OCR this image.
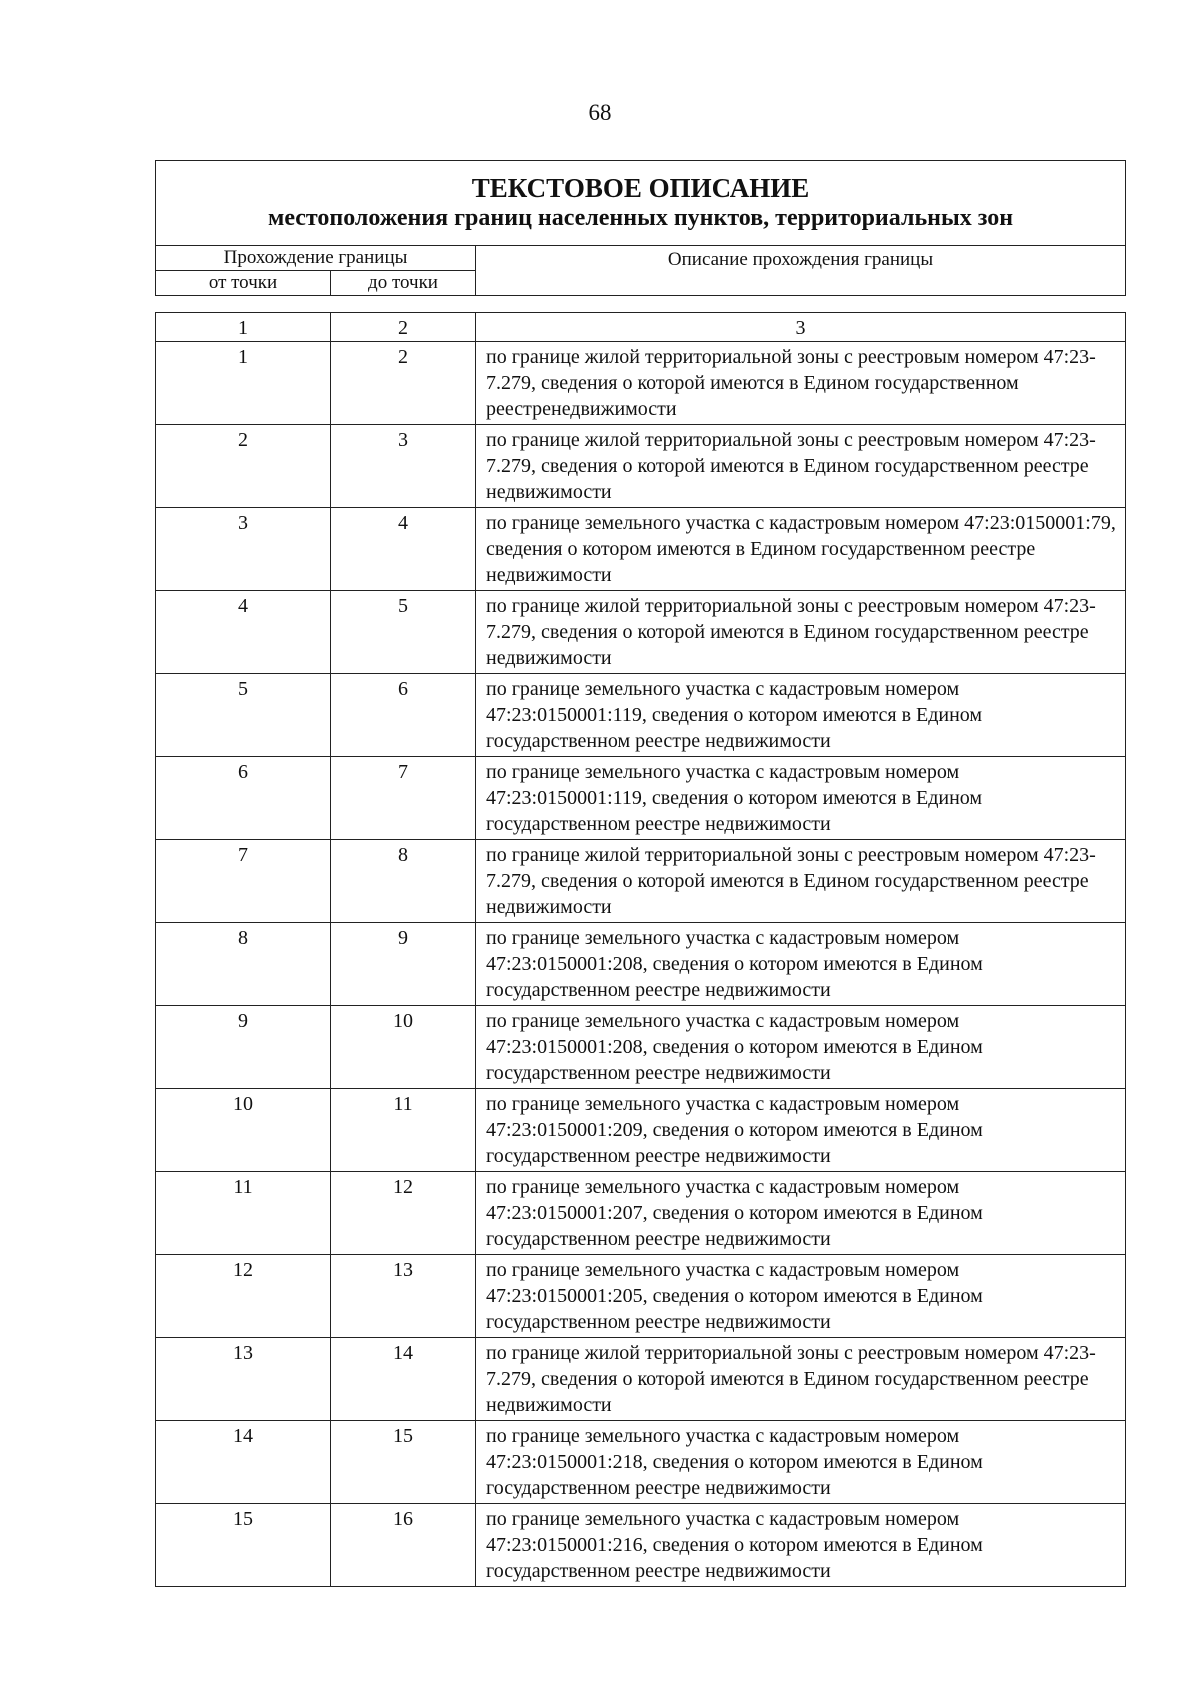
68
ТЕКСТОВОЕ ОПИСАНИЕ
местоположения границ населенных пунктов, территориальных зон		

Прохождение границы		Описание прохождения границы
от точки	до точки	
1	2	3
1	2	по границе жилой территориальной зоны с реестровым номером 47:23-7.279, сведения о которой имеются в Едином государственном реестренедвижимости
2	3	по границе жилой территориальной зоны с реестровым номером 47:23-7.279, сведения о которой имеются в Едином государственном реестре недвижимости
3	4	по границе земельного участка с кадастровым номером 47:23:0150001:79, сведения о котором имеются в Едином государственном реестре недвижимости
4	5	по границе жилой территориальной зоны с реестровым номером 47:23-7.279, сведения о которой имеются в Едином государственном реестре недвижимости
5	6	по границе земельного участка с кадастровым номером 47:23:0150001:119, сведения о котором имеются в Едином государственном реестре недвижимости
6	7	по границе земельного участка с кадастровым номером 47:23:0150001:119, сведения о котором имеются в Едином государственном реестре недвижимости
7	8	по границе жилой территориальной зоны с реестровым номером 47:23-7.279, сведения о которой имеются в Едином государственном реестре недвижимости
8	9	по границе земельного участка с кадастровым номером 47:23:0150001:208, сведения о котором имеются в Едином государственном реестре недвижимости
9	10	по границе земельного участка с кадастровым номером 47:23:0150001:208, сведения о котором имеются в Едином государственном реестре недвижимости
10	11	по границе земельного участка с кадастровым номером 47:23:0150001:209, сведения о котором имеются в Едином государственном реестре недвижимости
11	12	по границе земельного участка с кадастровым номером 47:23:0150001:207, сведения о котором имеются в Едином государственном реестре недвижимости
12	13	по границе земельного участка с кадастровым номером 47:23:0150001:205, сведения о котором имеются в Едином государственном реестре недвижимости
13	14	по границе жилой территориальной зоны с реестровым номером 47:23-7.279, сведения о которой имеются в Едином государственном реестре недвижимости
14	15	по границе земельного участка с кадастровым номером 47:23:0150001:218, сведения о котором имеются в Едином государственном реестре недвижимости
15	16	по границе земельного участка с кадастровым номером 47:23:0150001:216, сведения о котором имеются в Едином государственном реестре недвижимости
